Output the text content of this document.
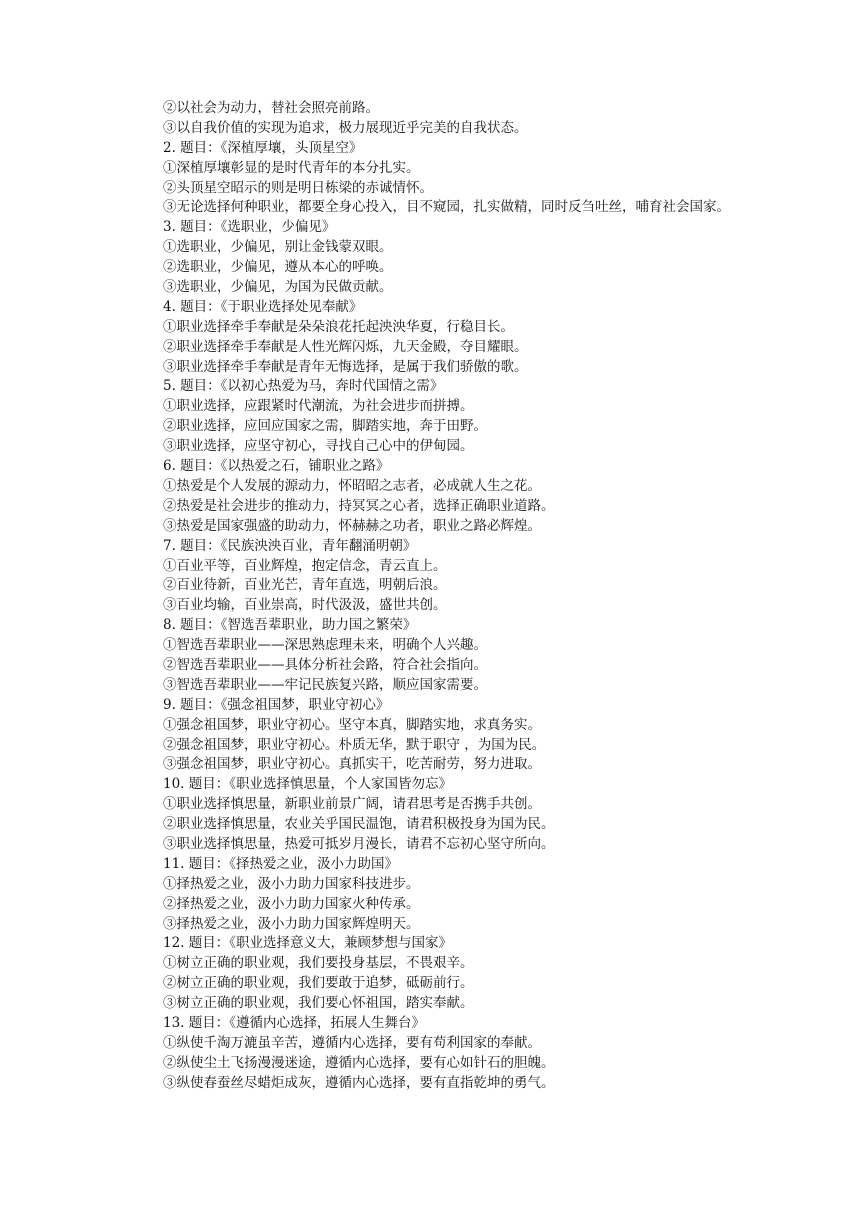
②以社会为动力，替社会照亮前路。
③以自我价值的实现为追求，极力展现近乎完美的自我状态。
2. 题目：《深植厚壤，头顶星空》
①深植厚壤彰显的是时代青年的本分扎实。
②头顶星空昭示的则是明日栋梁的赤诚情怀。
③无论选择何种职业，都要全身心投入，目不窥园，扎实做精，同时反刍吐丝，哺育社会国家。
3. 题目：《选职业，少偏见》
①选职业，少偏见，别让金钱蒙双眼。
②选职业，少偏见，遵从本心的呼唤。
③选职业，少偏见，为国为民做贡献。
4. 题目：《于职业选择处见奉献》
①职业选择牵手奉献是朵朵浪花托起泱泱华夏，行稳目长。
②职业选择牵手奉献是人性光辉闪烁，九天金殿，夺目耀眼。
③职业选择牵手奉献是青年无悔选择，是属于我们骄傲的歌。
5. 题目：《以初心热爱为马，奔时代国情之需》
①职业选择，应跟紧时代潮流，为社会进步而拼搏。
②职业选择，应回应国家之需，脚踏实地，奔于田野。
③职业选择，应坚守初心，寻找自己心中的伊甸园。
6. 题目：《以热爱之石，铺职业之路》
①热爱是个人发展的源动力，怀昭昭之志者，必成就人生之花。
②热爱是社会进步的推动力，持冥冥之心者，选择正确职业道路。
③热爱是国家强盛的助动力，怀赫赫之功者，职业之路必辉煌。
7. 题目：《民族泱泱百业，青年翻涌明朝》
①百业平等，百业辉煌，抱定信念，青云直上。
②百业待新，百业光芒，青年直选，明朝后浪。
③百业均输，百业崇高，时代汲汲，盛世共创。
8. 题目：《智选吾辈职业，助力国之繁荣》
①智选吾辈职业——深思熟虑理未来，明确个人兴趣。
②智选吾辈职业——具体分析社会路，符合社会指向。
③智选吾辈职业——牢记民族复兴路，顺应国家需要。
9. 题目：《强念祖国梦，职业守初心》
①强念祖国梦，职业守初心。坚守本真，脚踏实地，求真务实。
②强念祖国梦，职业守初心。朴质无华，默于职守 ，为国为民。
③强念祖国梦，职业守初心。真抓实干，吃苦耐劳，努力进取。
10. 题目：《职业选择慎思量，个人家国皆勿忘》
①职业选择慎思量，新职业前景广阔，请君思考是否携手共创。
②职业选择慎思量，农业关乎国民温饱，请君积极投身为国为民。
③职业选择慎思量，热爱可抵岁月漫长，请君不忘初心坚守所向。
11. 题目：《择热爱之业，汲小力助国》
①择热爱之业，汲小力助力国家科技进步。
②择热爱之业，汲小力助力国家火种传承。
③择热爱之业，汲小力助力国家辉煌明天。
12. 题目：《职业选择意义大，兼顾梦想与国家》
①树立正确的职业观，我们要投身基层，不畏艰辛。
②树立正确的职业观，我们要敢于追梦，砥砺前行。
③树立正确的职业观，我们要心怀祖国，踏实奉献。
13. 题目：《遵循内心选择，拓展人生舞台》
①纵使千淘万漉虽辛苦，遵循内心选择，要有苟利国家的奉献。
②纵使尘土飞扬漫漫迷途，遵循内心选择，要有心如针石的胆魄。
③纵使春蚕丝尽蜡炬成灰，遵循内心选择，要有直指乾坤的勇气。
